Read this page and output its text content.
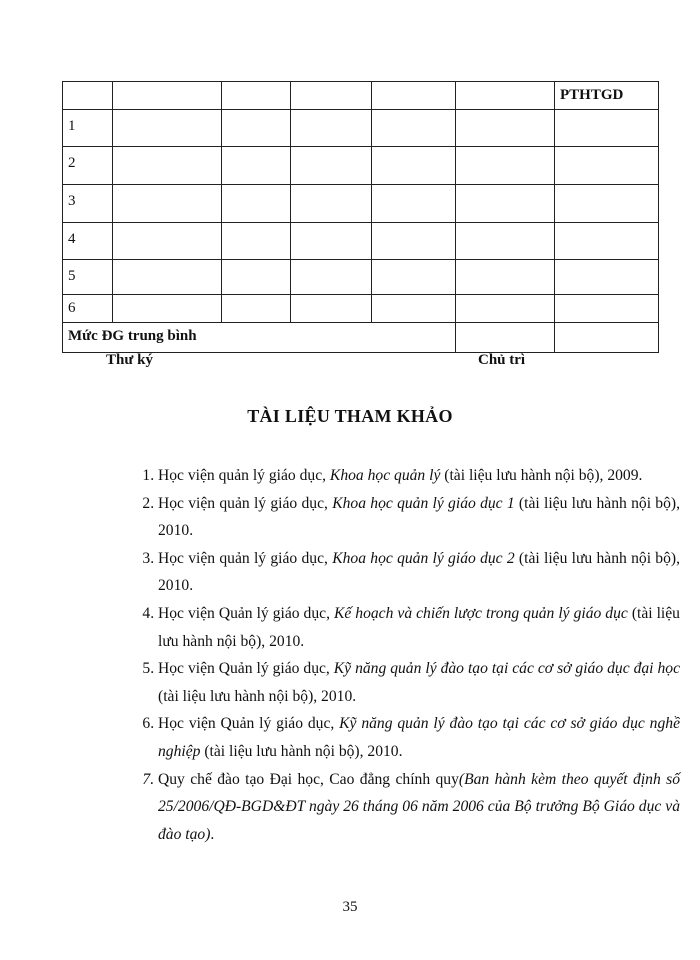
						PTHTGD
1						
2						
3						
4						
5						
6						
Mức ĐG trung bình						
Thư ký	Chủ trì
TÀI LIỆU THAM KHẢO
1. Học viện quản lý giáo dục, Khoa học quản lý (tài liệu lưu hành nội bộ), 2009.
2. Học viện quản lý giáo dục, Khoa học quản lý giáo dục 1 (tài liệu lưu hành nội bộ), 2010.
3. Học viện quản lý giáo dục, Khoa học quản lý giáo dục 2 (tài liệu lưu hành nội bộ), 2010.
4. Học viện Quản lý giáo dục, Kế hoạch và chiến lược trong quản lý giáo dục (tài liệu lưu hành nội bộ), 2010.
5. Học viện Quản lý giáo dục, Kỹ năng quản lý đào tạo tại các cơ sở giáo dục đại học (tài liệu lưu hành nội bộ), 2010.
6. Học viện Quản lý giáo dục, Kỹ năng quản lý đào tạo tại các cơ sở giáo dục nghề nghiệp (tài liệu lưu hành nội bộ), 2010.
7. Quy chế đào tạo Đại học, Cao đẳng chính quy(Ban hành kèm theo quyết định số 25/2006/QĐ-BGD&ĐT ngày 26 tháng 06 năm 2006 của Bộ trưởng Bộ Giáo dục và đào tạo).
35
